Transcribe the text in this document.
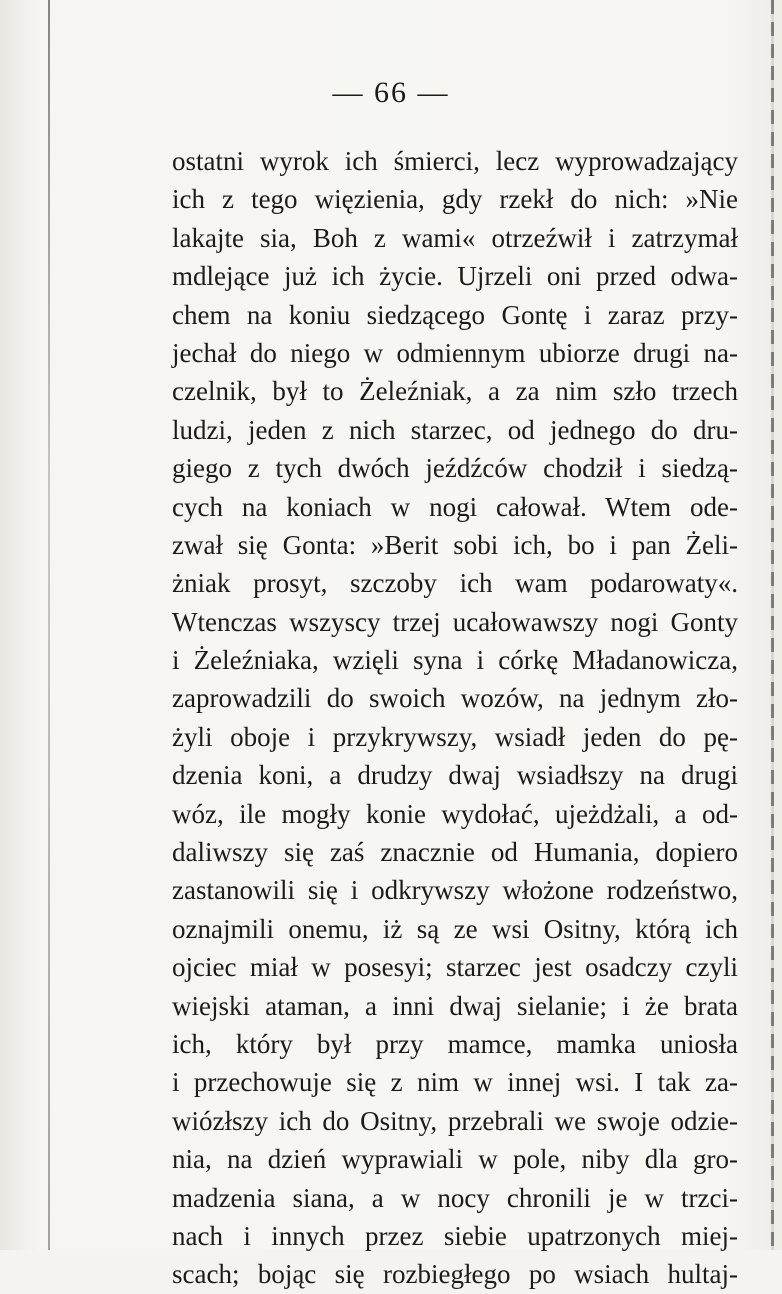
— 66 —
ostatni wyrok ich śmierci, lecz wyprowadzający
ich z tego więzienia, gdy rzekł do nich: »Nie
lakajte sia, Boh z wami« otrzeźwił i zatrzymał
mdlejące już ich życie. Ujrzeli oni przed odwa-
chem na koniu siedzącego Gontę i zaraz przy-
jechał do niego w odmiennym ubiorze drugi na-
czelnik, był to Żeleźniak, a za nim szło trzech
ludzi, jeden z nich starzec, od jednego do dru-
giego z tych dwóch jeźdźców chodził i siedzą-
cych na koniach w nogi całował. Wtem ode-
zwał się Gonta: »Berit sobi ich, bo i pan Żeli-
żniak prosyt, szczoby ich wam podarowaty«.
Wtenczas wszyscy trzej ucałowawszy nogi Gonty
i Żeleźniaka, wzięli syna i córkę Mładanowicza,
zaprowadzili do swoich wozów, na jednym zło-
żyli oboje i przykrywszy, wsiadł jeden do pę-
dzenia koni, a drudzy dwaj wsiadłszy na drugi
wóz, ile mogły konie wydołać, ujeżdżali, a od-
daliwszy się zaś znacznie od Humania, dopiero
zastanowili się i odkrywszy włożone rodzeństwo,
oznajmili onemu, iż są ze wsi Ositny, którą ich
ojciec miał w posesyi; starzec jest osadczy czyli
wiejski ataman, a inni dwaj sielanie; i że brata
ich, który był przy mamce, mamka uniosła
i przechowuje się z nim w innej wsi. I tak za-
wiózłszy ich do Ositny, przebrali we swoje odzie-
nia, na dzień wyprawiali w pole, niby dla gro-
madzenia siana, a w nocy chronili je w trzci-
nach i innych przez siebie upatrzonych miej-
scach; bojąc się rozbiegłego po wsiach hultaj-
